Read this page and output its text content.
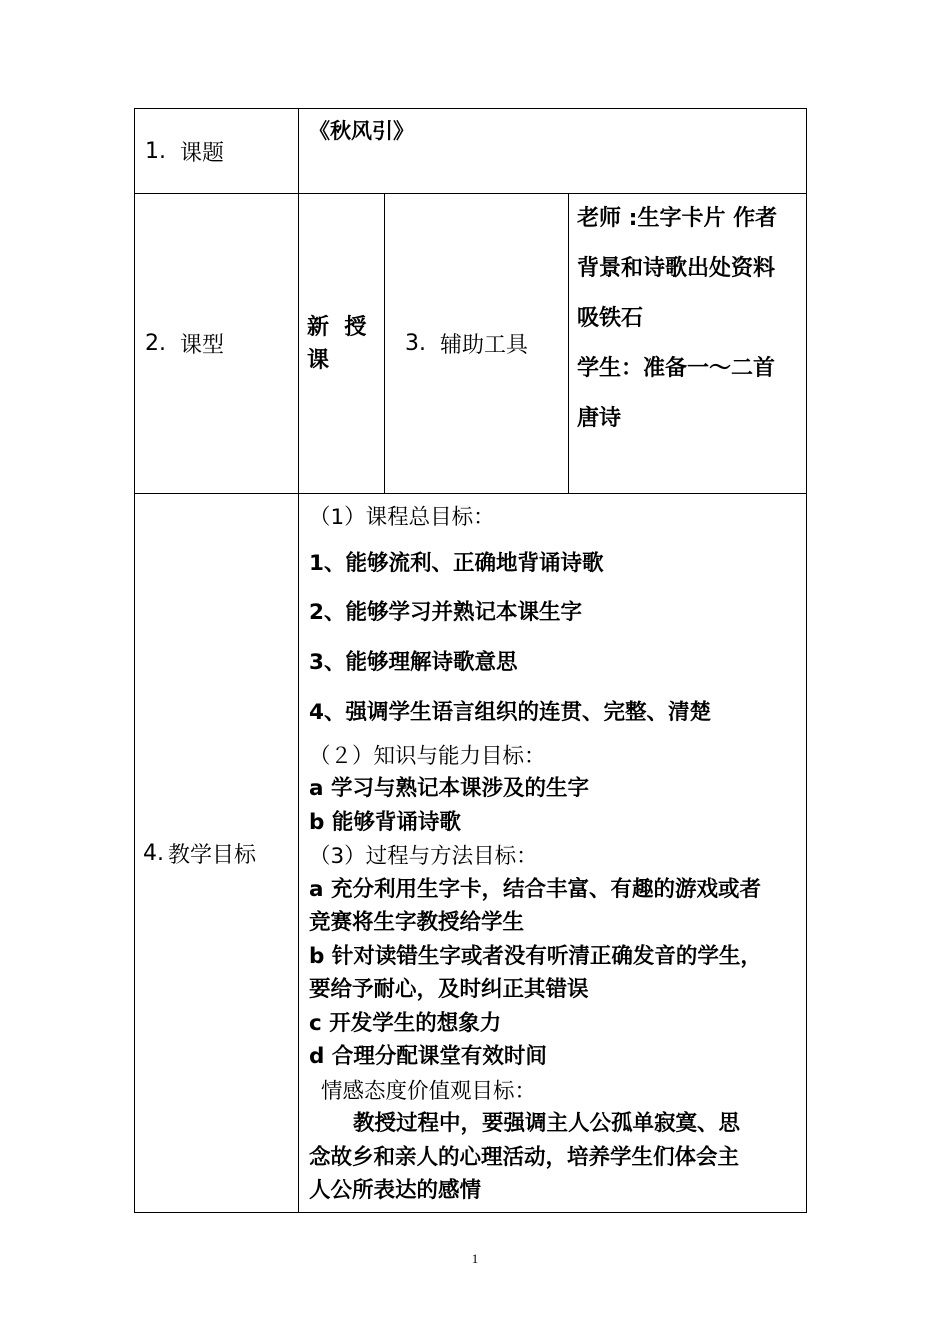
1. 课题
《秋风引》
2. 课型
新  授
课
3. 辅助工具
老师 :生字卡片 作者
背景和诗歌出处资料
吸铁石
学生：准备一～二首
唐诗
4. 教学目标
（1）课程总目标：
1、能够流利、正确地背诵诗歌
2、能够学习并熟记本课生字
3、能够理解诗歌意思
4、强调学生语言组织的连贯、完整、清楚
（２）知识与能力目标：
a 学习与熟记本课涉及的生字
b 能够背诵诗歌
（3）过程与方法目标：
a 充分利用生字卡，结合丰富、有趣的游戏或者
竞赛将生字教授给学生
b 针对读错生字或者没有听清正确发音的学生，
要给予耐心，及时纠正其错误
c 开发学生的想象力
d 合理分配课堂有效时间
情感态度价值观目标：
教授过程中，要强调主人公孤单寂寞、思
念故乡和亲人的心理活动，培养学生们体会主
人公所表达的感情
1
